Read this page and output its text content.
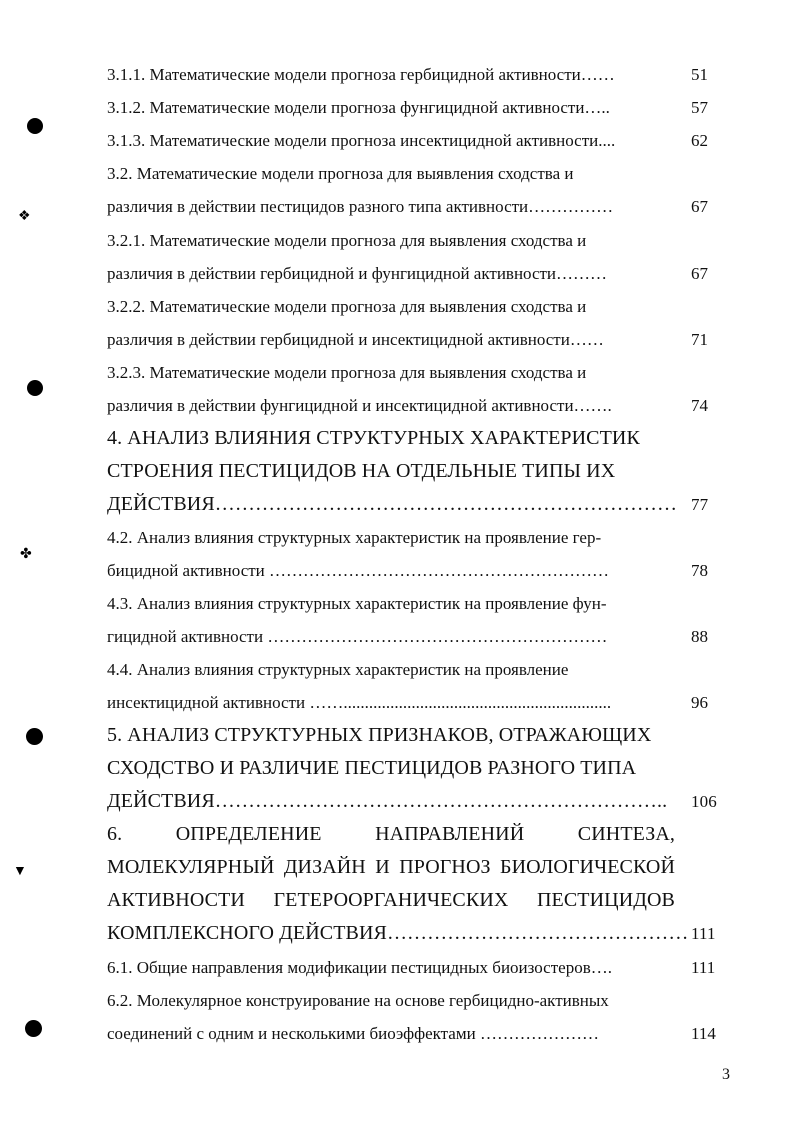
3.1.1. Математические модели прогноза гербицидной активности……	51
3.1.2. Математические модели прогноза фунгицидной активности…..	57
3.1.3. Математические модели прогноза инсектицидной активности....	62
3.2. Математические модели прогноза для выявления сходства и
различия в действии пестицидов разного типа активности……………	67
3.2.1. Математические модели прогноза для выявления сходства и
различия в действии гербицидной и фунгицидной активности………	67
3.2.2. Математические модели прогноза для выявления сходства и
различия в действии гербицидной и инсектицидной активности……	71
3.2.3. Математические модели прогноза для выявления сходства и
различия в действии фунгицидной и инсектицидной активности…….	74
4. АНАЛИЗ ВЛИЯНИЯ СТРУКТУРНЫХ ХАРАКТЕРИСТИК
СТРОЕНИЯ ПЕСТИЦИДОВ НА ОТДЕЛЬНЫЕ ТИПЫ ИХ
ДЕЙСТВИЯ…………………………………………………………… 77
4.2. Анализ влияния структурных характеристик на проявление гер-
бицидной активности ……………………………………………………	78
4.3. Анализ влияния структурных характеристик на проявление фун-
гицидной активности ……………………………………………………	88
4.4. Анализ влияния структурных характеристик на проявление
инсектицидной активности ……...............................................................	96
5. АНАЛИЗ СТРУКТУРНЫХ ПРИЗНАКОВ, ОТРАЖАЮЩИХ
СХОДСТВО И РАЗЛИЧИЕ ПЕСТИЦИДОВ РАЗНОГО ТИПА
ДЕЙСТВИЯ………………………………………………………….. 106
6.	ОПРЕДЕЛЕНИЕ	НАПРАВЛЕНИЙ	СИНТЕЗА,
МОЛЕКУЛЯРНЫЙ ДИЗАЙН И ПРОГНОЗ БИОЛОГИЧЕСКОЙ
АКТИВНОСТИ ГЕТЕРООРГАНИЧЕСКИХ ПЕСТИЦИДОВ
КОМПЛЕКСНОГО ДЕЙСТВИЯ……………………………………… 111
6.1. Общие направления модификации пестицидных биоизостеров….	111
6.2. Молекулярное конструирование на основе гербицидно-активных
соединений с одним и несколькими биоэффектами …………………	114
3
❖
✤
▼
